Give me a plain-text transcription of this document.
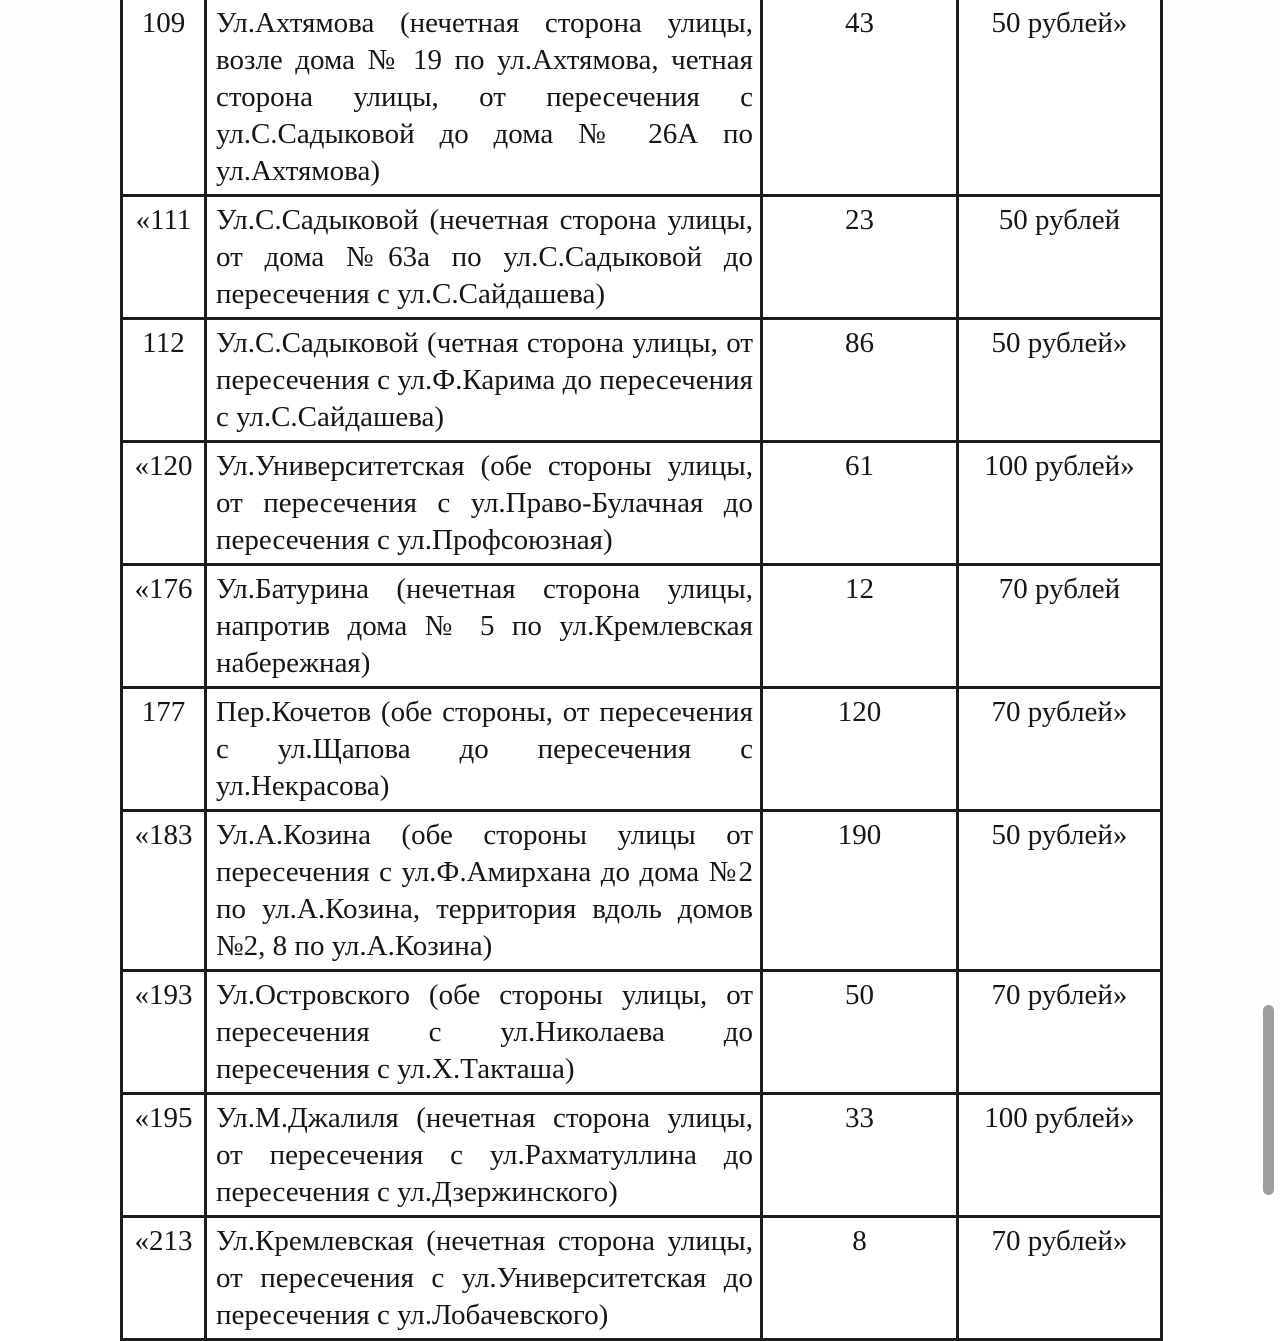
109	Ул.Ахтямова (нечетная сторона улицы, возле дома № 19 по ул.Ахтямова, четная сторона улицы, от пересечения с ул.С.Садыковой до дома № 26А по ул.Ахтямова)	43	50 рублей»
«111	Ул.С.Садыковой (нечетная сторона улицы, от дома №63а по ул.С.Садыковой до пересечения с ул.С.Сайдашева)	23	50 рублей
112	Ул.С.Садыковой (четная сторона улицы, от пересечения с ул.Ф.Карима до пересечения с ул.С.Сайдашева)	86	50 рублей»
«120	Ул.Университетская (обе стороны улицы, от пересечения с ул.Право-Булачная до пересечения с ул.Профсоюзная)	61	100 рублей»
«176	Ул.Батурина (нечетная сторона улицы, напротив дома № 5 по ул.Кремлевская набережная)	12	70 рублей
177	Пер.Кочетов (обе стороны, от пересечения с ул.Щапова до пересечения с ул.Некрасова)	120	70 рублей»
«183	Ул.А.Козина (обе стороны улицы от пересечения с ул.Ф.Амирхана до дома №2 по ул.А.Козина, территория вдоль домов №2, 8 по ул.А.Козина)	190	50 рублей»
«193	Ул.Островского (обе стороны улицы, от пересечения с ул.Николаева до пересечения с ул.Х.Такташа)	50	70 рублей»
«195	Ул.М.Джалиля (нечетная сторона улицы, от пересечения с ул.Рахматуллина до пересечения с ул.Дзержинского)	33	100 рублей»
«213	Ул.Кремлевская (нечетная сторона улицы, от пересечения с ул.Университетская до пересечения с ул.Лобачевского)	8	70 рублей»
